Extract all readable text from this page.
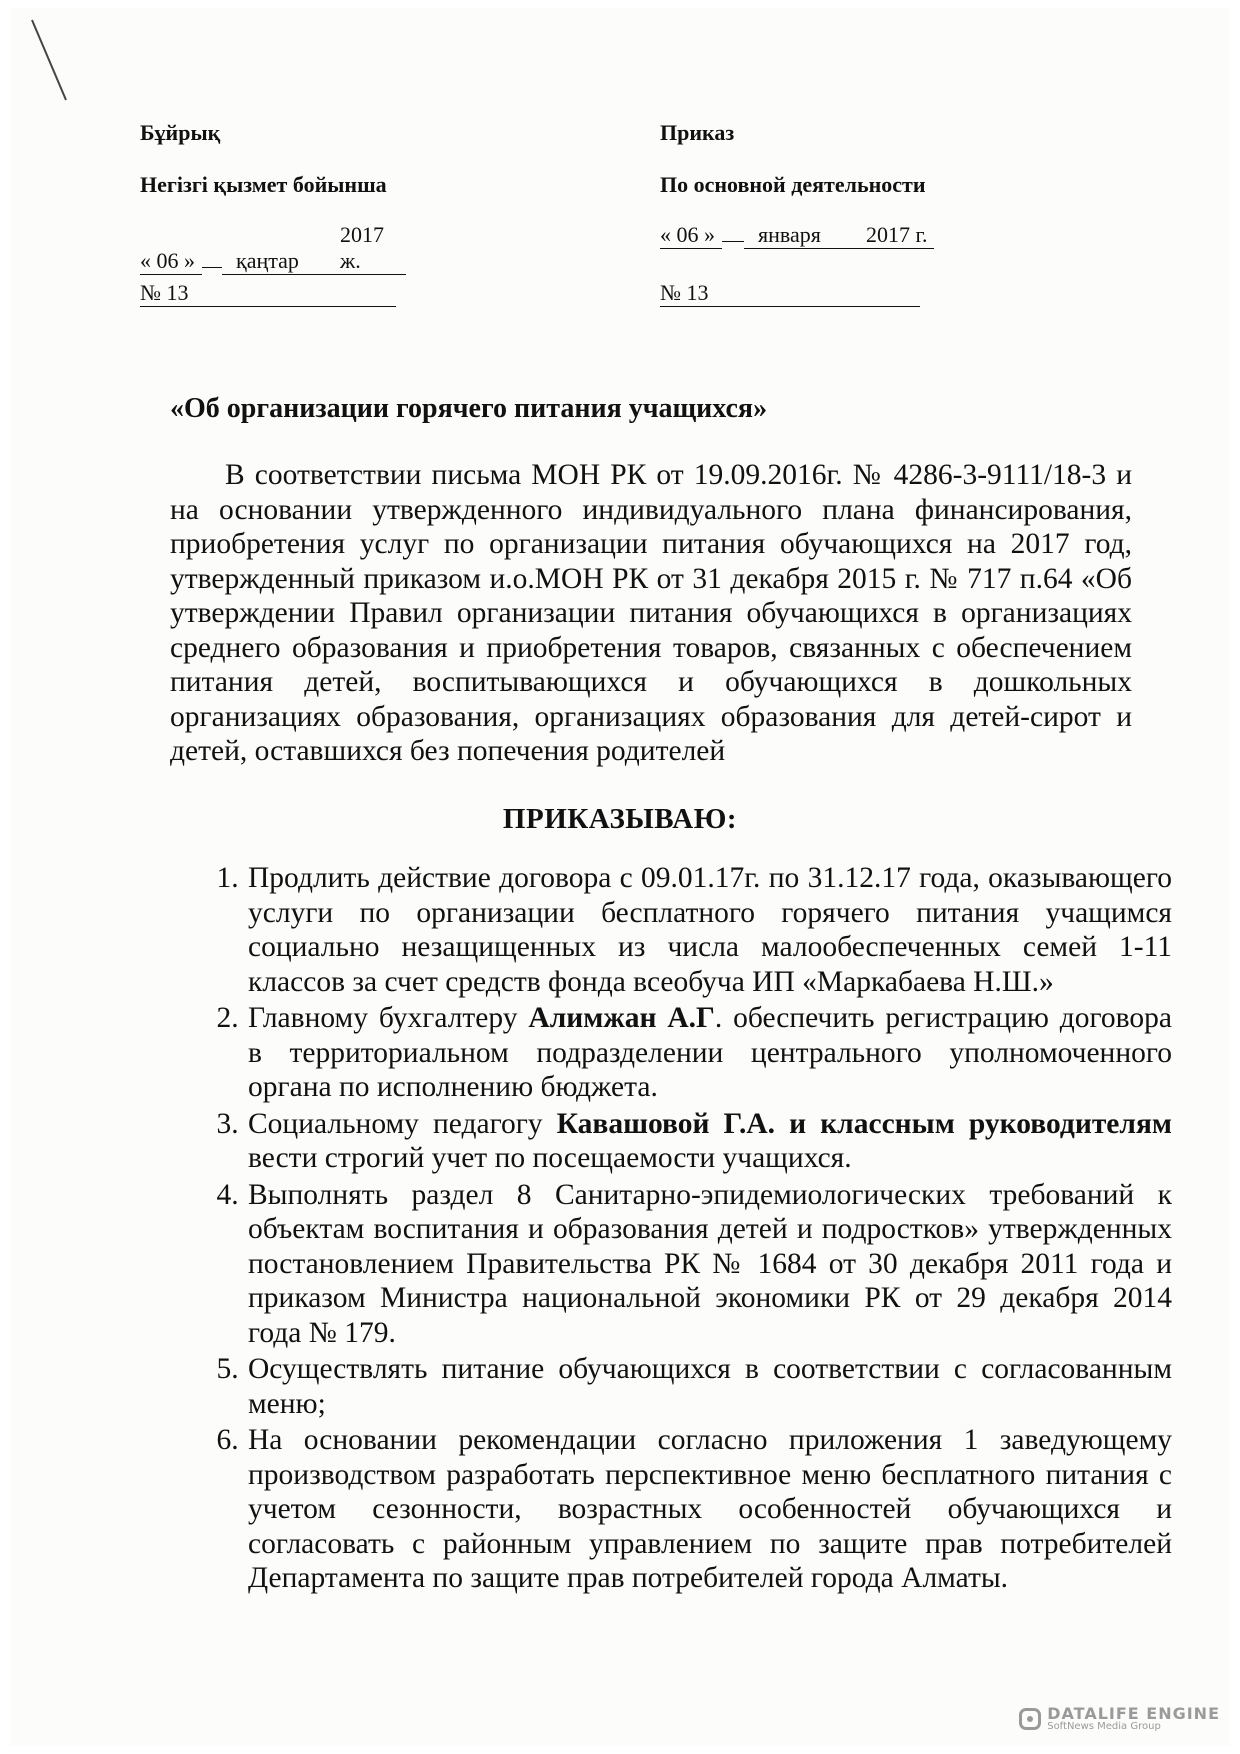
Бұйрық
Негізгі қызмет бойынша
« 06 » қаңтар2017 ж.
№ 13
Приказ
По основной деятельности
« 06 » января 2017 г.
№ 13
«Об организации горячего питания учащихся»

В соответствии письма МОН РК от 19.09.2016г. № 4286-3-9111/18-3 и на основании утвержденного индивидуального плана финансирования, приобретения услуг по организации питания обучающихся на 2017 год, утвержденный приказом и.о.МОН РК от 31 декабря 2015 г. № 717 п.64 «Об утверждении Правил организации питания обучающихся в организациях среднего образования и приобретения товаров, связанных с обеспечением питания детей, воспитывающихся и обучающихся в дошкольных организациях образования, организациях образования для детей-сирот и детей, оставшихся без попечения родителей

ПРИКАЗЫВАЮ:
1. Продлить действие договора с 09.01.17г. по 31.12.17 года, оказывающего услуги по организации бесплатного горячего питания учащимся социально незащищенных из числа малообеспеченных семей 1-11 классов за счет средств фонда всеобуча ИП «Маркабаева Н.Ш.»
2. Главному бухгалтеру Алимжан А.Г. обеспечить регистрацию договора в территориальном подразделении центрального уполномоченного органа по исполнению бюджета.
3. Социальному педагогу Кавашовой Г.А. и классным руководителям вести строгий учет по посещаемости учащихся.
4. Выполнять раздел 8 Санитарно-эпидемиологических требований к объектам воспитания и образования детей и подростков» утвержденных постановлением Правительства РК № 1684 от 30 декабря 2011 года и приказом Министра национальной экономики РК от 29 декабря 2014 года № 179.
5. Осуществлять питание обучающихся в соответствии с согласованным меню;
6. На основании рекомендации согласно приложения 1 заведующему производством разработать перспективное меню бесплатного питания с учетом сезонности, возрастных особенностей обучающихся и согласовать с районным управлением по защите прав потребителей Департамента по защите прав потребителей города Алматы.
DATALIFE ENGINE
SoftNews Media Group
